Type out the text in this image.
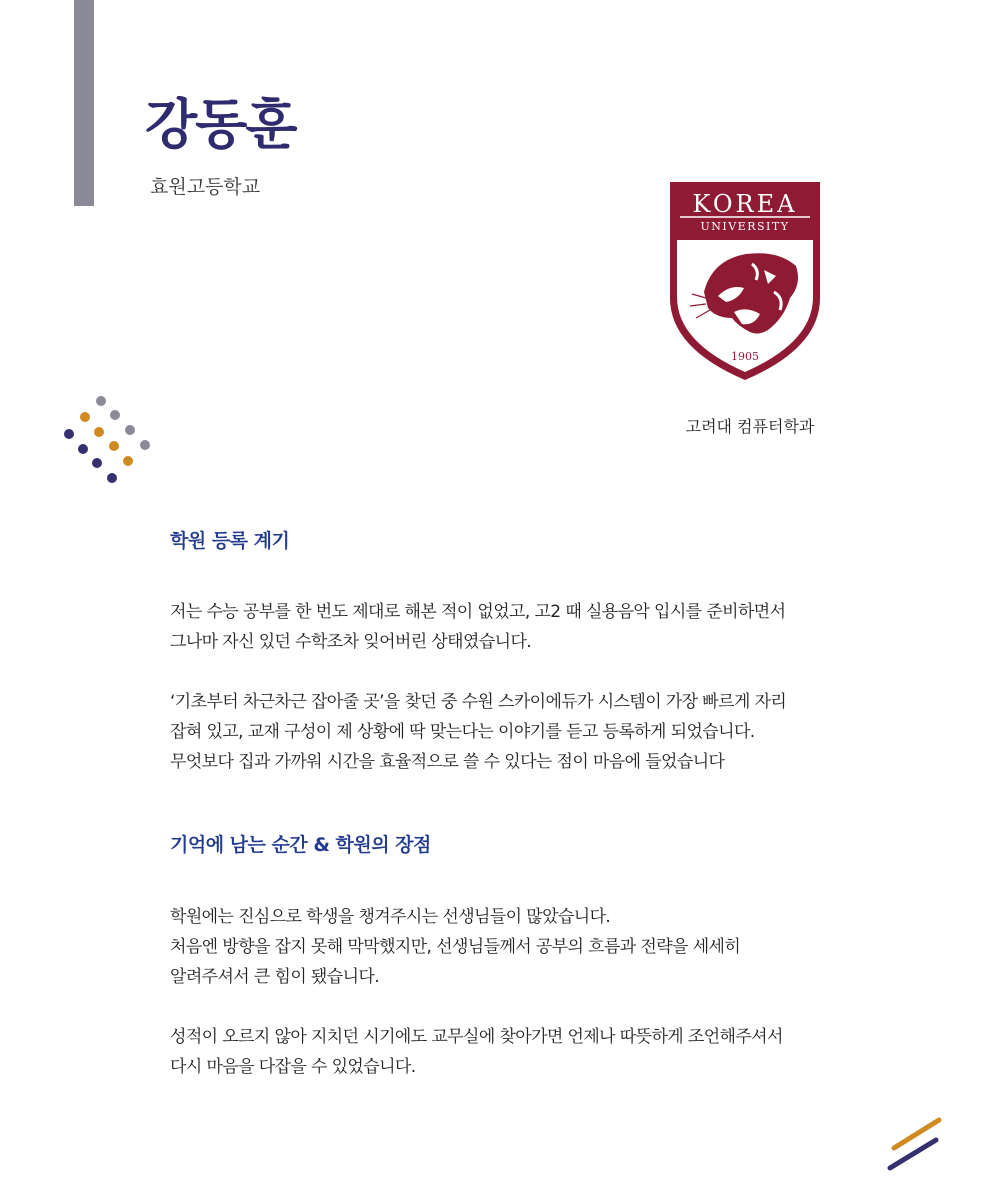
강동훈
효원고등학교
KOREA
UNIVERSITY
1905
고려대 컴퓨터학과
학원 등록 계기

저는 수능 공부를 한 번도 제대로 해본 적이 없었고, 고2 때 실용음악 입시를 준비하면서
그나마 자신 있던 수학조차 잊어버린 상태였습니다.

‘기초부터 차근차근 잡아줄 곳’을 찾던 중 수원 스카이에듀가 시스템이 가장 빠르게 자리
잡혀 있고, 교재 구성이 제 상황에 딱 맞는다는 이야기를 듣고 등록하게 되었습니다.
무엇보다 집과 가까워 시간을 효율적으로 쓸 수 있다는 점이 마음에 들었습니다

기억에 남는 순간 & 학원의 장점

학원에는 진심으로 학생을 챙겨주시는 선생님들이 많았습니다.
처음엔 방향을 잡지 못해 막막했지만, 선생님들께서 공부의 흐름과 전략을 세세히
알려주셔서 큰 힘이 됐습니다.

성적이 오르지 않아 지치던 시기에도 교무실에 찾아가면 언제나 따뜻하게 조언해주셔서
다시 마음을 다잡을 수 있었습니다.
